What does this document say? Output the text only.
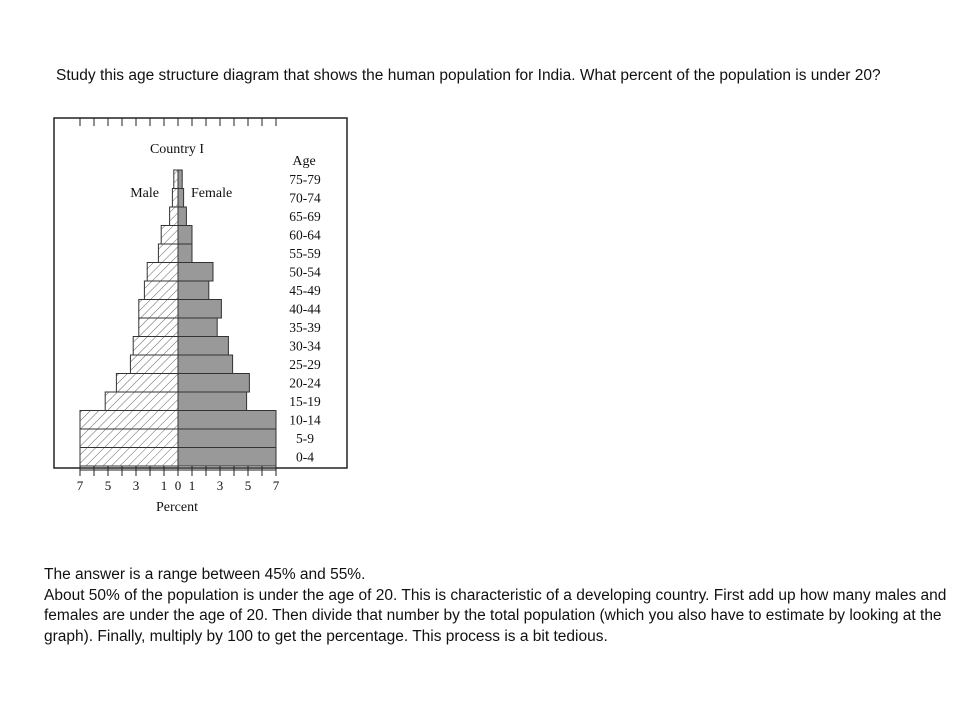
Study this age structure diagram that shows the human population for India. What percent of the population is under 20?
75-79
70-74
65-69
60-64
55-59
50-54
45-49
40-44
35-39
30-34
25-29
20-24
15-19
10-14
5-9
0-4
7 5 3 1 0 1 3 5 7
Country I
Male Female
Age
Percent

The answer is a range between 45% and 55%.

About 50% of the population is under the age of 20. This is characteristic of a developing country. First add up how many males and females are under the age of 20. Then divide that number by the total population (which you also have to estimate by looking at the graph). Finally, multiply by 100 to get the percentage. This process is a bit tedious.
